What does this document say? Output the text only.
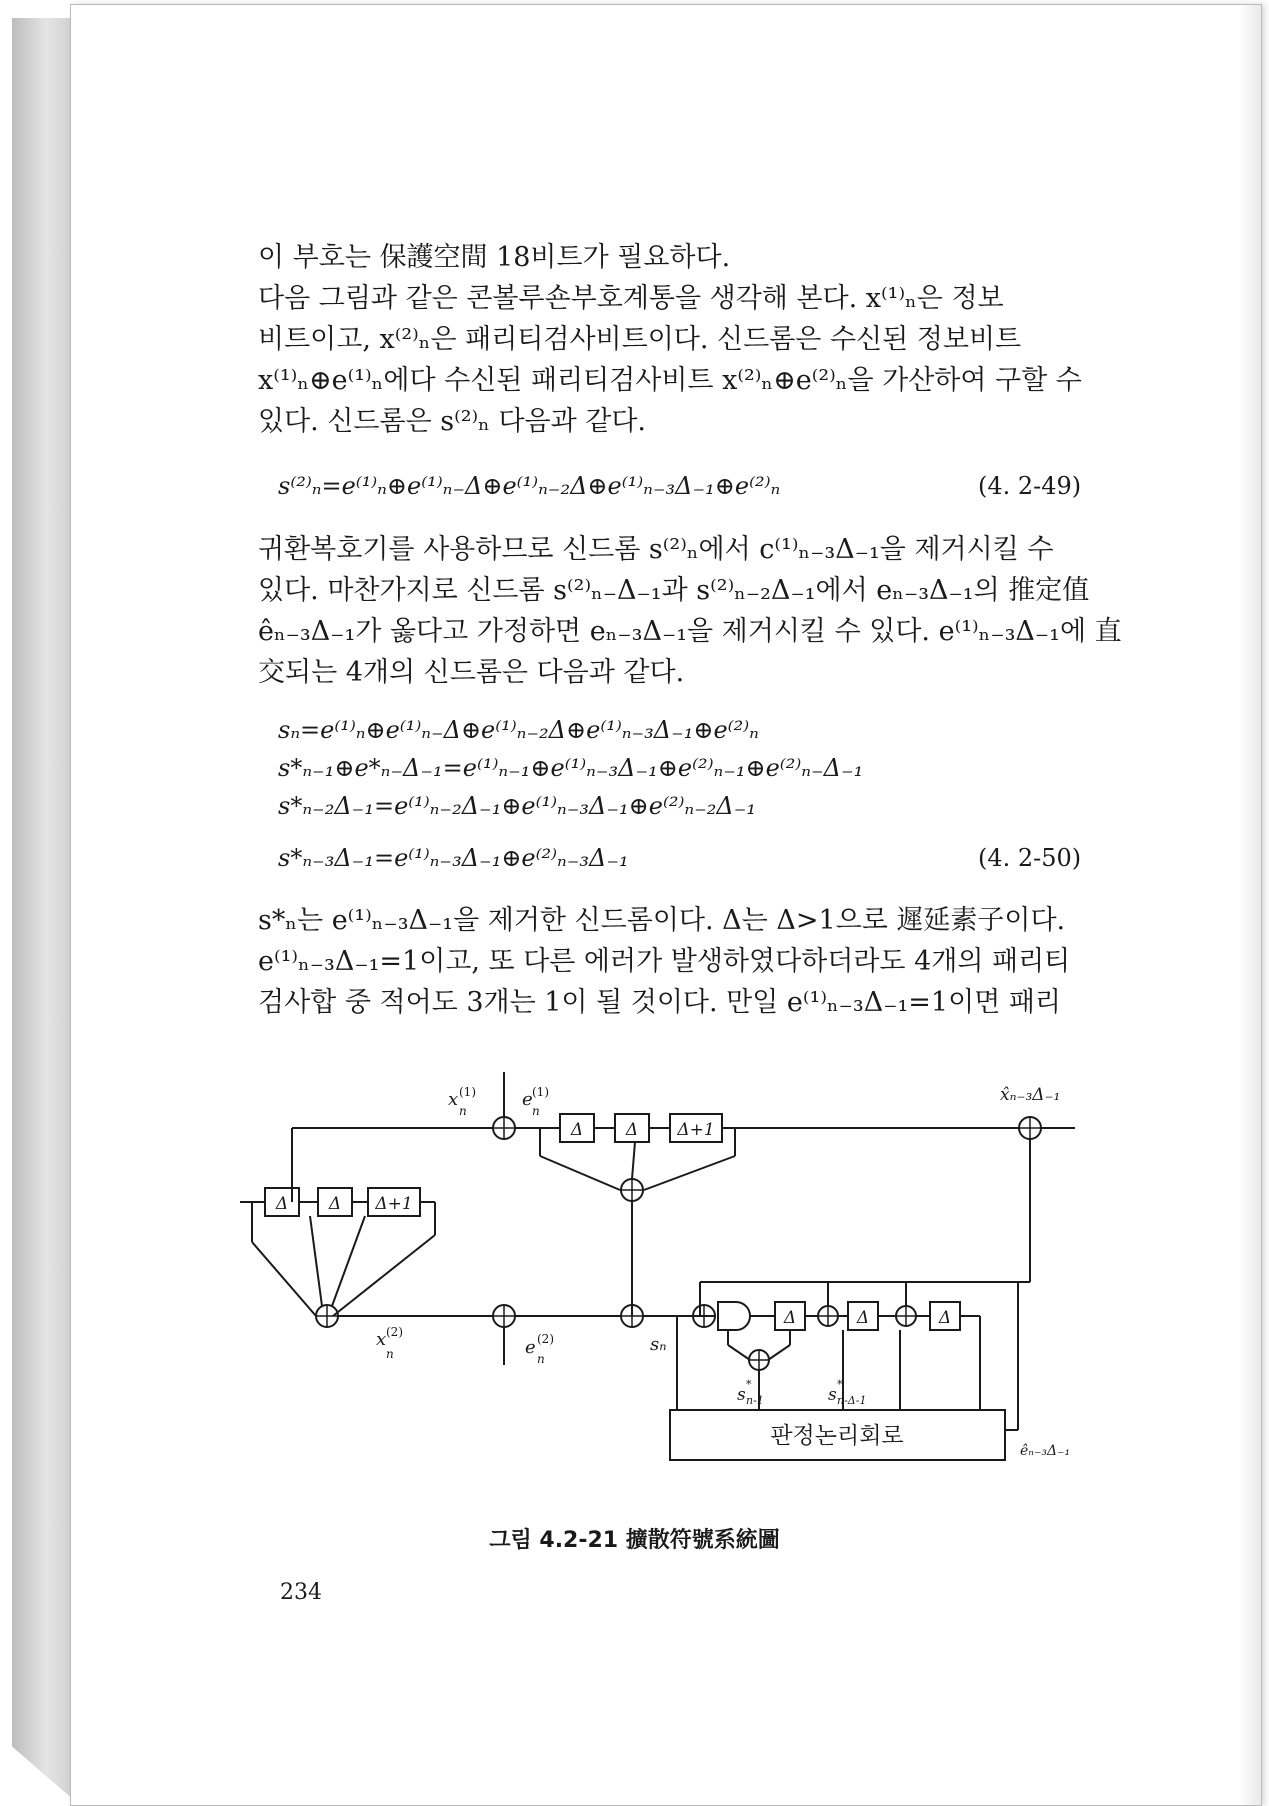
이 부호는 保護空間 18비트가 필요하다.
다음 그림과 같은 콘볼루숀부호계통을 생각해 본다. x⁽¹⁾ₙ은 정보
비트이고, x⁽²⁾ₙ은 패리티검사비트이다. 신드롬은 수신된 정보비트
x⁽¹⁾ₙ⊕e⁽¹⁾ₙ에다 수신된 패리티검사비트 x⁽²⁾ₙ⊕e⁽²⁾ₙ을 가산하여 구할 수
있다. 신드롬은 s⁽²⁾ₙ 다음과 같다.
s⁽²⁾ₙ=e⁽¹⁾ₙ⊕e⁽¹⁾ₙ₋Δ⊕e⁽¹⁾ₙ₋₂Δ⊕e⁽¹⁾ₙ₋₃Δ₋₁⊕e⁽²⁾ₙ	(4. 2-49)
귀환복호기를 사용하므로 신드롬 s⁽²⁾ₙ에서 c⁽¹⁾ₙ₋₃Δ₋₁을 제거시킬 수
있다. 마찬가지로 신드롬 s⁽²⁾ₙ₋Δ₋₁과 s⁽²⁾ₙ₋₂Δ₋₁에서 eₙ₋₃Δ₋₁의 推定值
êₙ₋₃Δ₋₁가 옳다고 가정하면 eₙ₋₃Δ₋₁을 제거시킬 수 있다. e⁽¹⁾ₙ₋₃Δ₋₁에 直
交되는 4개의 신드롬은 다음과 같다.
sₙ=e⁽¹⁾ₙ⊕e⁽¹⁾ₙ₋Δ⊕e⁽¹⁾ₙ₋₂Δ⊕e⁽¹⁾ₙ₋₃Δ₋₁⊕e⁽²⁾ₙ
s*ₙ₋₁⊕e*ₙ₋Δ₋₁=e⁽¹⁾ₙ₋₁⊕e⁽¹⁾ₙ₋₃Δ₋₁⊕e⁽²⁾ₙ₋₁⊕e⁽²⁾ₙ₋Δ₋₁
s*ₙ₋₂Δ₋₁=e⁽¹⁾ₙ₋₂Δ₋₁⊕e⁽¹⁾ₙ₋₃Δ₋₁⊕e⁽²⁾ₙ₋₂Δ₋₁
s*ₙ₋₃Δ₋₁=e⁽¹⁾ₙ₋₃Δ₋₁⊕e⁽²⁾ₙ₋₃Δ₋₁	(4. 2-50)
s*ₙ는 e⁽¹⁾ₙ₋₃Δ₋₁을 제거한 신드롬이다. Δ는 Δ>1으로 遲延素子이다.
e⁽¹⁾ₙ₋₃Δ₋₁=1이고, 또 다른 에러가 발생하였다하더라도 4개의 패리티
검사합 중 적어도 3개는 1이 될 것이다. 만일 e⁽¹⁾ₙ₋₃Δ₋₁=1이면 패리
Δ	Δ Δ+1
Δ Δ Δ+1
Δ	Δ	Δ
x (1)
n
e (1)
n
x (2)
n	e (2)
n
sₙ
s
*
n-1	s
*
n-Δ-1
x̂ₙ₋₃Δ₋₁
êₙ₋₃Δ₋₁
판정논리회로
그림 4.2-21 擴散符號系統圖
234
